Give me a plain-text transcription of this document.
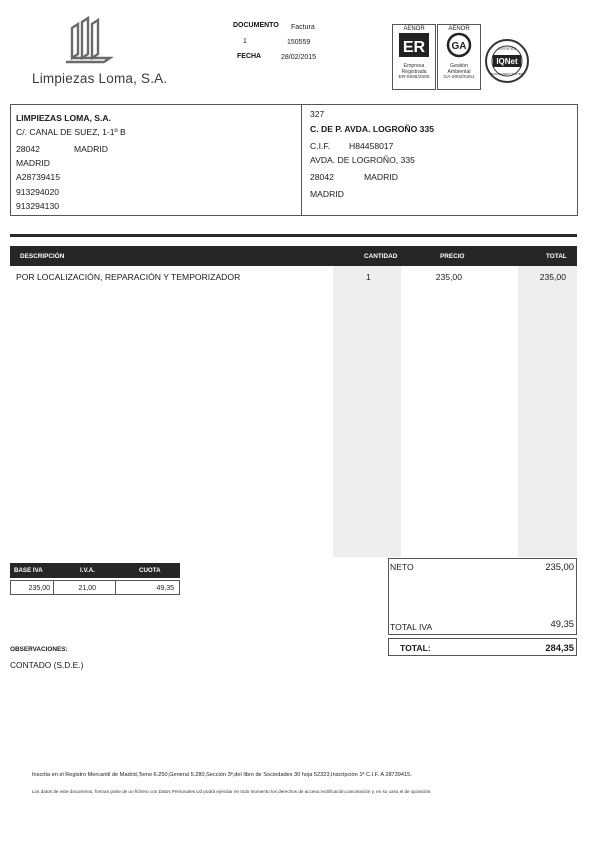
Limpiezas Loma, S.A.
DOCUMENTO Factura
1	150559
FECHA	28/02/2015
AENOR
ER
Empresa
Registrada
ER-0838/2000
AENOR
GA
Gestión
Ambiental
GA-2002/0251
IQNet
CERTIFIED
MANAGEMENT SYSTEM
LIMPIEZAS LOMA, S.A.
C/. CANAL DE SUEZ, 1-1º B
28042	MADRID
MADRID
A28739415
913294020
913294130
327
C. DE P. AVDA. LOGROÑO 335
C.I.F. H84458017
AVDA. DE LOGROÑO, 335
28042	MADRID
MADRID
DESCRIPCIÓN	CANTIDAD	PRECIO	TOTAL
POR LOCALIZACIÓN, REPARACIÓN Y TEMPORIZADOR	1	235,00	235,00
BASE IVA	I.V.A.	CUOTA
235,00	21,00	49,35
NETO	235,00
TOTAL IVA	49,35
TOTAL:	284,35
OBSERVACIONES:
CONTADO (S.D.E.)
Inscrita en el Registro Mercantil de Madrid,Tomo 6.250,General 5.280,Sección 3ª,del libro de Sociedades 30 hoja 52323,Inscripción 1ª C.I.F. A 28739415.
Los datos de este documento, forman parte de un fichero con Datos Personales.Ud podrá ejercitar en todo momento los derechos de acceso,rectificación,cancelación y, en su caso,el de oposición.
